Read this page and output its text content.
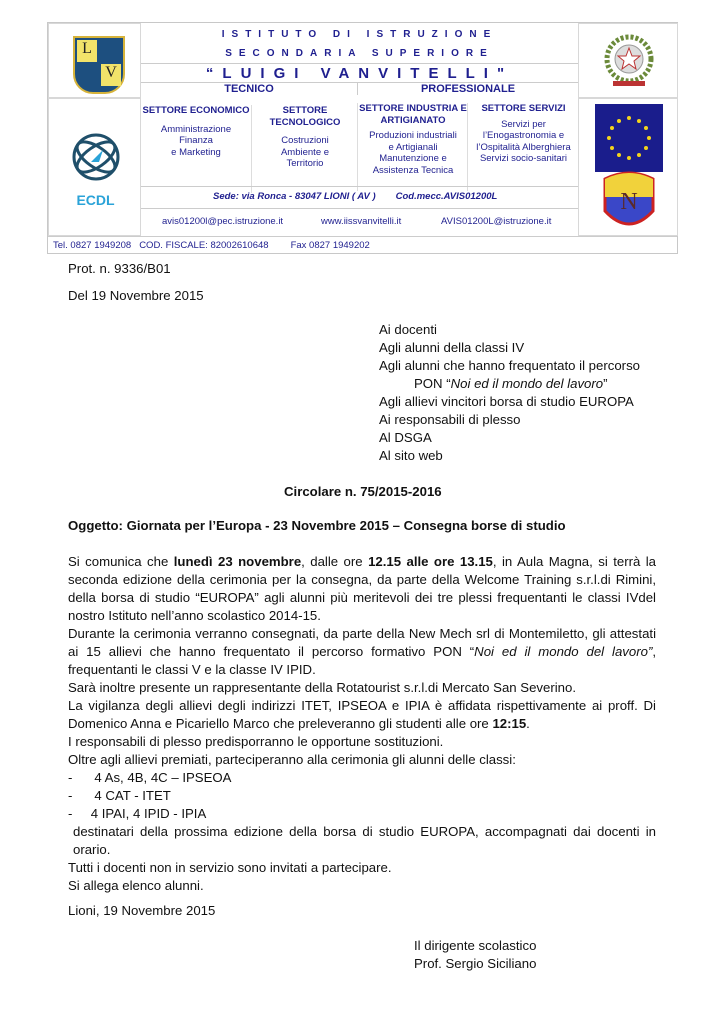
L
V
ISTITUTO DI ISTRUZIONE
SECONDARIA SUPERIORE
“LUIGI VANVITELLI"
TECNICO	PROFESSIONALE
ECDL
SETTORE ECONOMICO
Amministrazione
Finanza
e Marketing
SETTORE TECNOLOGICO
Costruzioni
Ambiente e
Territorio
SETTORE INDUSTRIA E ARTIGIANATO
Produzioni industriali
e Artigianali
Manutenzione e
Assistenza Tecnica
SETTORE SERVIZI
Servizi per
l’Enogastronomia e
l’Ospitalità Alberghiera
Servizi socio-sanitari
Sede: via Ronca - 83047 LIONI ( AV ) Cod.mecc.AVIS01200L
avis01200l@pec.istruzione.it	www.iissvanvitelli.it	AVIS01200L@istruzione.it
N
Tel. 0827 1949208 COD. FISCALE: 82002610648 Fax 0827 1949202
Prot. n. 9336/B01
Del 19 Novembre 2015
Ai docenti
Agli alunni della classi IV
Agli alunni che hanno frequentato il percorso
PON “Noi ed il mondo del lavoro”
Agli allievi vincitori borsa di studio EUROPA
Ai responsabili di plesso
Al DSGA
Al sito web
Circolare n. 75/2015-2016
Oggetto: Giornata per l’Europa - 23 Novembre 2015 – Consegna borse di studio
Si comunica che lunedì 23 novembre, dalle ore 12.15 alle ore 13.15, in Aula Magna, si terrà la seconda edizione della cerimonia per la consegna, da parte della Welcome Training s.r.l.di Rimini, della borsa di studio “EUROPA” agli alunni più meritevoli dei tre plessi frequentanti le classi IVdel nostro Istituto nell’anno scolastico 2014-15.
Durante la cerimonia verranno consegnati, da parte della New Mech srl di Montemiletto, gli attestati ai 15 allievi che hanno frequentato il percorso formativo PON “Noi ed il mondo del lavoro”, frequentanti le classi V e la classe IV IPID.
Sarà inoltre presente un rappresentante della Rotatourist s.r.l.di Mercato San Severino.
La vigilanza degli allievi degli indirizzi ITET, IPSEOA e IPIA è affidata rispettivamente ai proff. Di Domenico Anna e Picariello Marco che preleveranno gli studenti alle ore 12:15.
I responsabili di plesso predisporranno le opportune sostituzioni.
Oltre agli allievi premiati, parteciperanno alla cerimonia gli alunni delle classi:
-      4 As, 4B, 4C – IPSEOA
-      4 CAT - ITET
-     4 IPAI, 4 IPID - IPIA
destinatari della prossima edizione della borsa di studio EUROPA, accompagnati dai docenti in orario.
Tutti i docenti non in servizio sono invitati a partecipare.
Si allega elenco alunni.
Lioni, 19 Novembre 2015
Il dirigente scolastico
Prof. Sergio Siciliano
